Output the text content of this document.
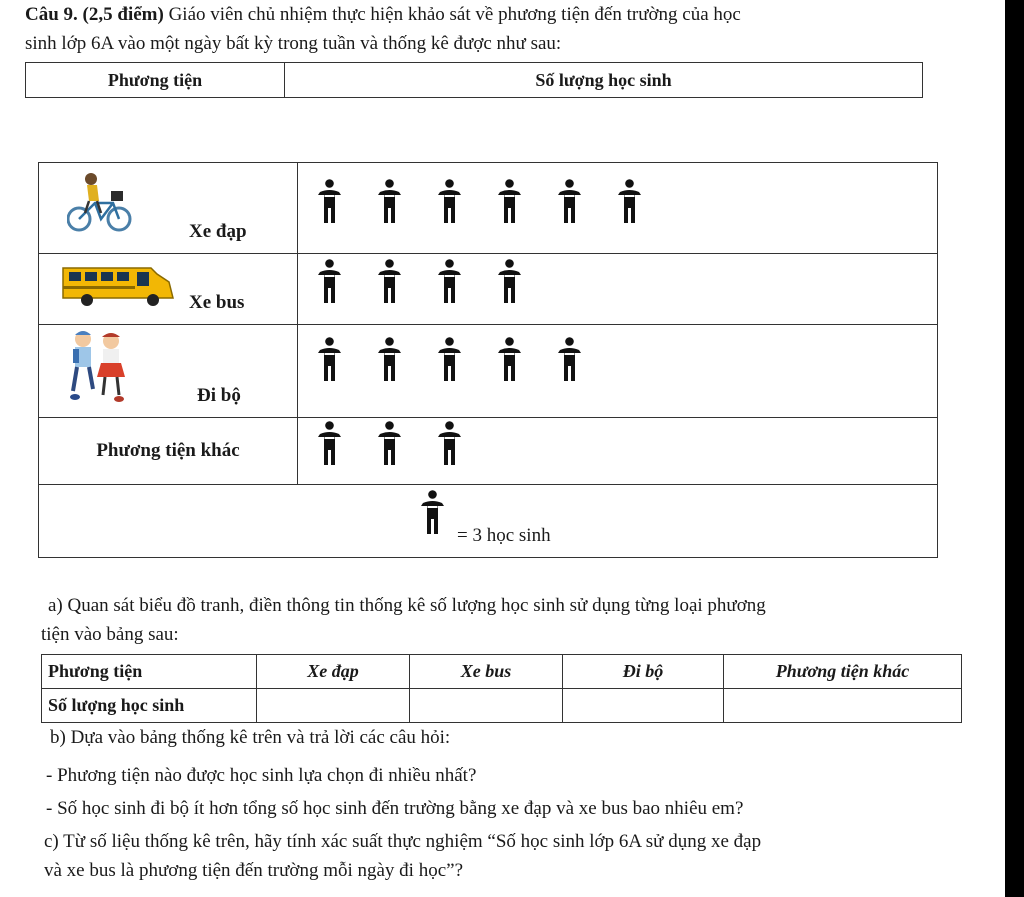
Câu 9. (2,5 điểm) Giáo viên chủ nhiệm thực hiện khảo sát về phương tiện đến trường của học
sinh lớp 6A vào một ngày bất kỳ trong tuần và thống kê được như sau:
Phương tiện	Số lượng học sinh
Xe đạp

Xe bus

Đi bộ

Phương tiện khác	

= 3 học sinh	
a) Quan sát biểu đồ tranh, điền thông tin thống kê số lượng học sinh sử dụng từng loại phương
tiện vào bảng sau:
Phương tiện	Xe đạp	Xe bus	Đi bộ	Phương tiện khác
Số lượng học sinh				
b) Dựa vào bảng thống kê trên và trả lời các câu hỏi:
- Phương tiện nào được học sinh lựa chọn đi nhiều nhất?
- Số học sinh đi bộ ít hơn tổng số học sinh đến trường bằng xe đạp và xe bus bao nhiêu em?
c) Từ số liệu thống kê trên, hãy tính xác suất thực nghiệm “Số học sinh lớp 6A sử dụng xe đạp
và xe bus là phương tiện đến trường mỗi ngày đi học”?
